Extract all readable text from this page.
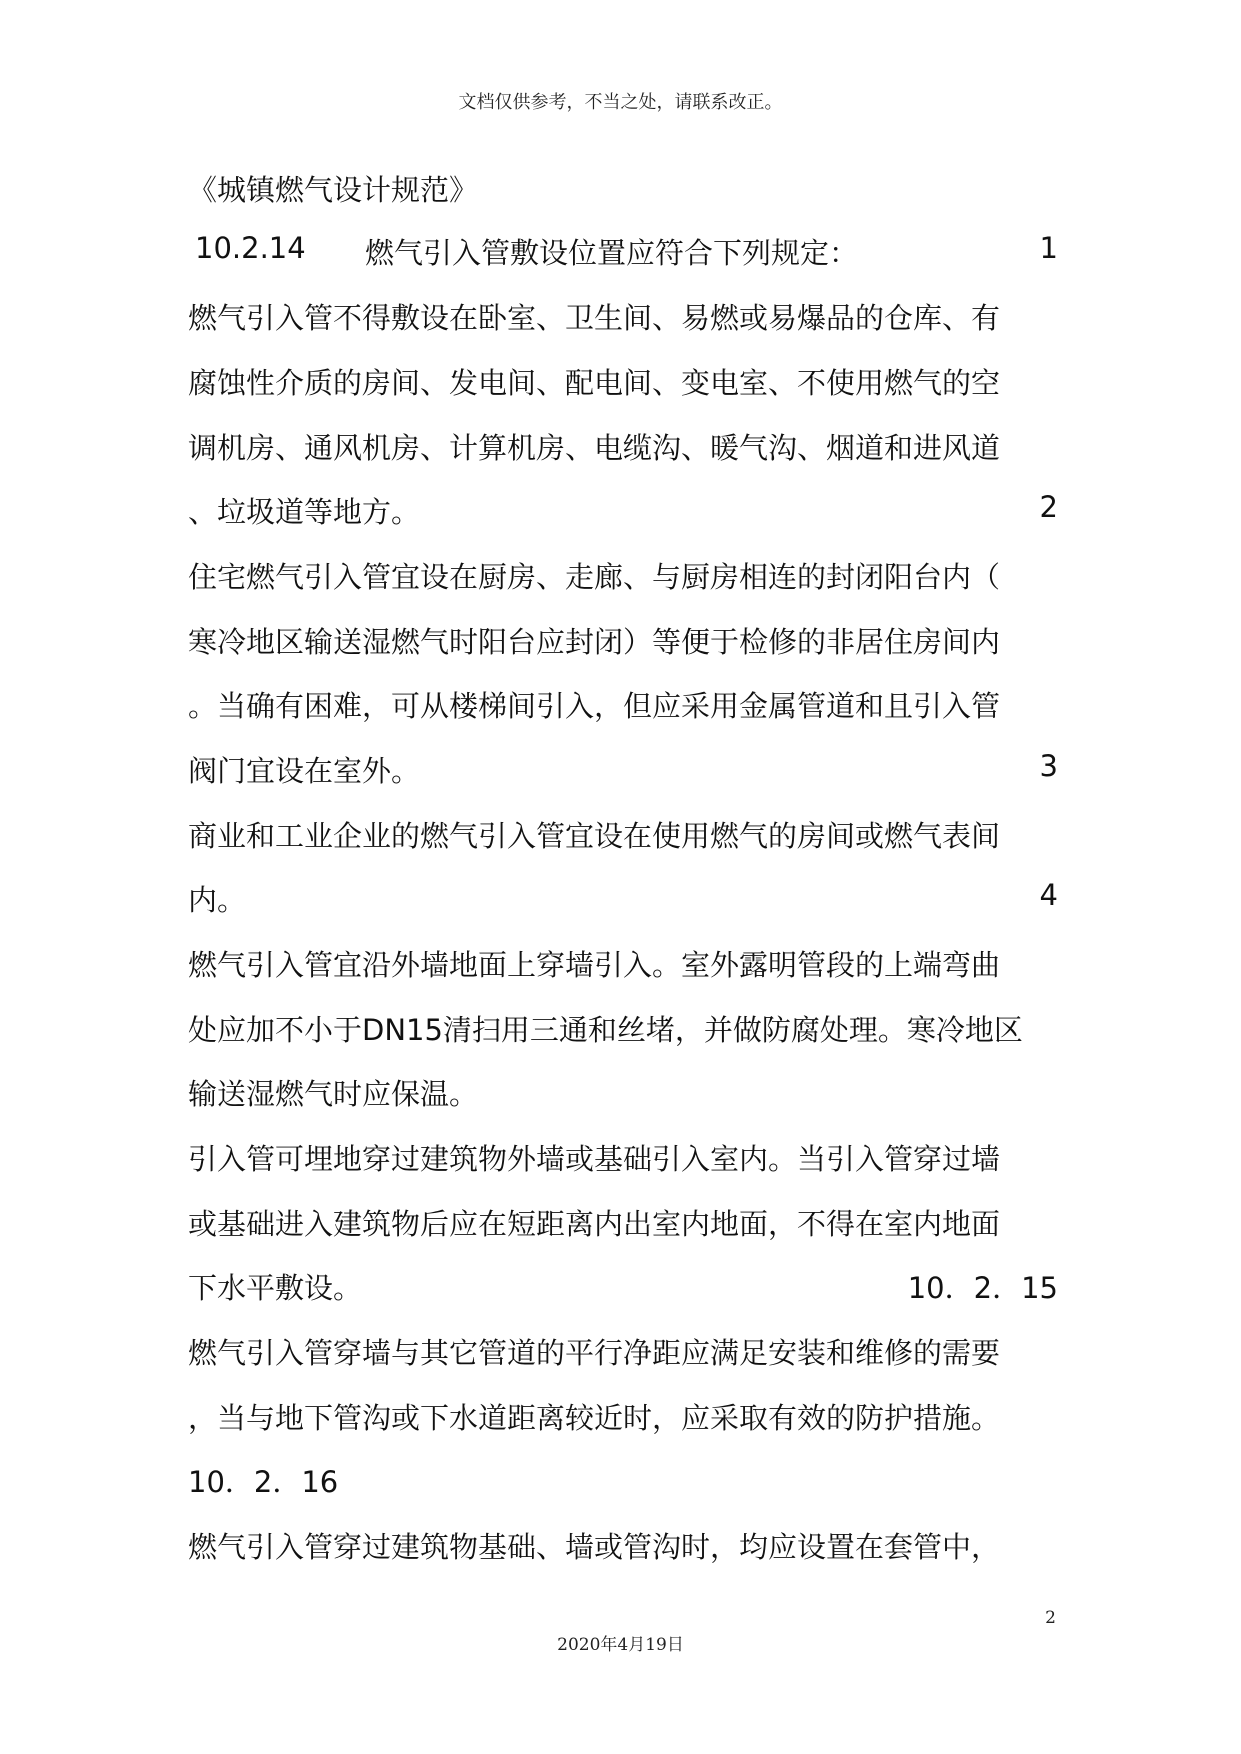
文档仅供参考，不当之处，请联系改正。
《城镇燃气设计规范》
10.2.14 燃气引入管敷设位置应符合下列规定：	1
燃气引入管不得敷设在卧室、卫生间、易燃或易爆品的仓库、有
腐蚀性介质的房间、发电间、配电间、变电室、不使用燃气的空
调机房、通风机房、计算机房、电缆沟、暖气沟、烟道和进风道
、垃圾道等地方。	2
住宅燃气引入管宜设在厨房、走廊、与厨房相连的封闭阳台内（
寒冷地区输送湿燃气时阳台应封闭）等便于检修的非居住房间内
。当确有困难，可从楼梯间引入，但应采用金属管道和且引入管
阀门宜设在室外。	3
商业和工业企业的燃气引入管宜设在使用燃气的房间或燃气表间
内。	4
燃气引入管宜沿外墙地面上穿墙引入。室外露明管段的上端弯曲
处应加不小于DN15清扫用三通和丝堵，并做防腐处理。寒冷地区
输送湿燃气时应保温。
引入管可埋地穿过建筑物外墙或基础引入室内。当引入管穿过墙
或基础进入建筑物后应在短距离内出室内地面，不得在室内地面
下水平敷设。	10．2．15
燃气引入管穿墙与其它管道的平行净距应满足安装和维修的需要
，当与地下管沟或下水道距离较近时，应采取有效的防护措施。
10．2．16
燃气引入管穿过建筑物基础、墙或管沟时，均应设置在套管中，
2
2020年4月19日
